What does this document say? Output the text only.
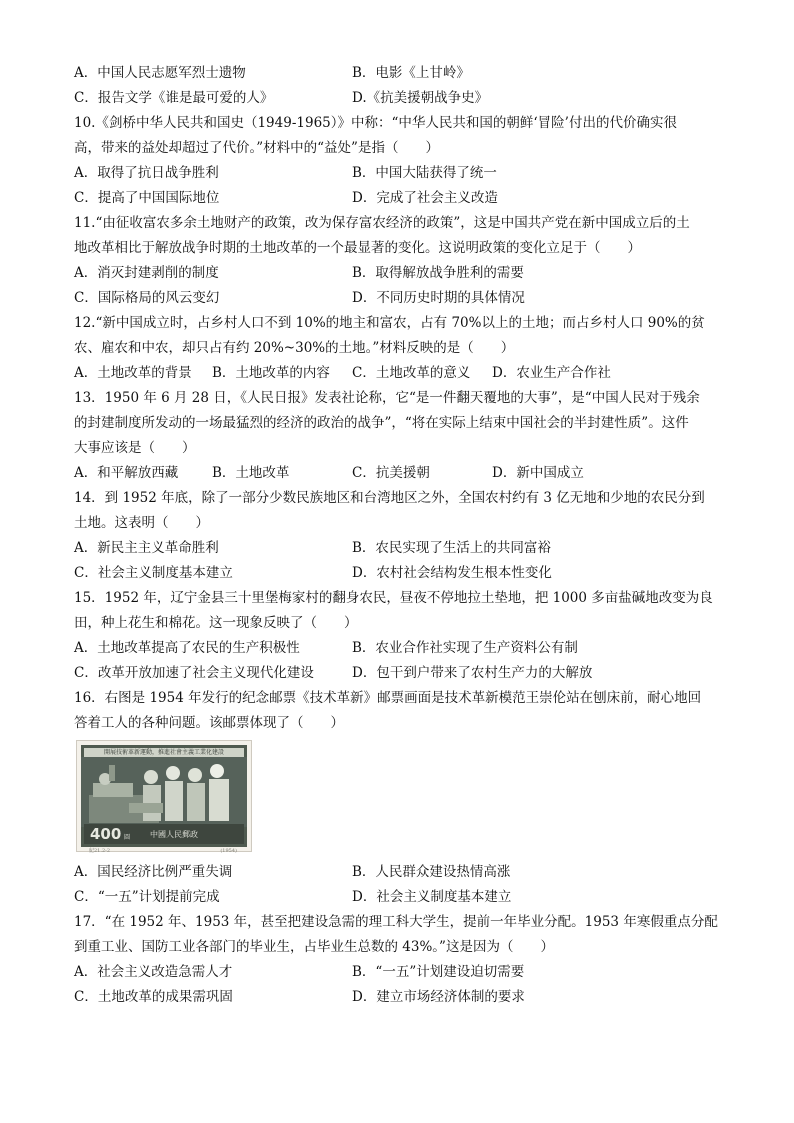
A．中国人民志愿军烈士遗物	B．电影《上甘岭》
C．报告文学《谁是最可爱的人》	D.《抗美援朝战争史》
10.《剑桥中华人民共和国史（1949-1965）》中称：“中华人民共和国的朝鲜‘冒险’付出的代价确实很
高，带来的益处却超过了代价。”材料中的“益处”是指（　　）
A．取得了抗日战争胜利	B．中国大陆获得了统一
C．提高了中国国际地位	D．完成了社会主义改造
11.“由征收富农多余土地财产的政策，改为保存富农经济的政策”，这是中国共产党在新中国成立后的土
地改革相比于解放战争时期的土地改革的一个最显著的变化。这说明政策的变化立足于（　　）
A．消灭封建剥削的制度	B．取得解放战争胜利的需要
C．国际格局的风云变幻	D．不同历史时期的具体情况
12.“新中国成立时，占乡村人口不到 10%的地主和富农，占有 70%以上的土地；而占乡村人口 90%的贫
农、雇农和中农，却只占有约 20%~30%的土地。”材料反映的是（　　）
A．土地改革的背景 B．土地改革的内容 C．土地改革的意义 D．农业生产合作社
13．1950 年 6 月 28 日，《人民日报》发表社论称，它“是一件翻天覆地的大事”，是“中国人民对于残余
的封建制度所发动的一场最猛烈的经济的政治的战争”，“将在实际上结束中国社会的半封建性质”。这件
大事应该是（　　）
A．和平解放西藏	B．土地改革	C．抗美援朝	D．新中国成立
14．到 1952 年底，除了一部分少数民族地区和台湾地区之外，全国农村约有 3 亿无地和少地的农民分到
土地。这表明（　　）
A．新民主主义革命胜利	B．农民实现了生活上的共同富裕
C．社会主义制度基本建立	D．农村社会结构发生根本性变化
15．1952 年，辽宁金县三十里堡梅家村的翻身农民，昼夜不停地拉土垫地，把 1000 多亩盐碱地改变为良
田，种上花生和棉花。这一现象反映了（　　）
A．土地改革提高了农民的生产积极性	B．农业合作社实现了生产资料公有制
C．改革开放加速了社会主义现代化建设	D．包干到户带来了农村生产力的大解放
16．右图是 1954 年发行的纪念邮票《技术革新》邮票画面是技术革新模范王崇伦站在刨床前，耐心地回
答着工人的各种问题。该邮票体现了（　　）
開展技術革新運動，推進社會主義工業化建設
400 圓 中國人民郵政
紀21.2-2	(1954)
A．国民经济比例严重失调	B．人民群众建设热情高涨
C．“一五”计划提前完成	D．社会主义制度基本建立
17．“在 1952 年、1953 年，甚至把建设急需的理工科大学生，提前一年毕业分配。1953 年寒假重点分配
到重工业、国防工业各部门的毕业生，占毕业生总数的 43%。”这是因为（　　）
A．社会主义改造急需人才	B．“一五”计划建设迫切需要
C．土地改革的成果需巩固	D．建立市场经济体制的要求
